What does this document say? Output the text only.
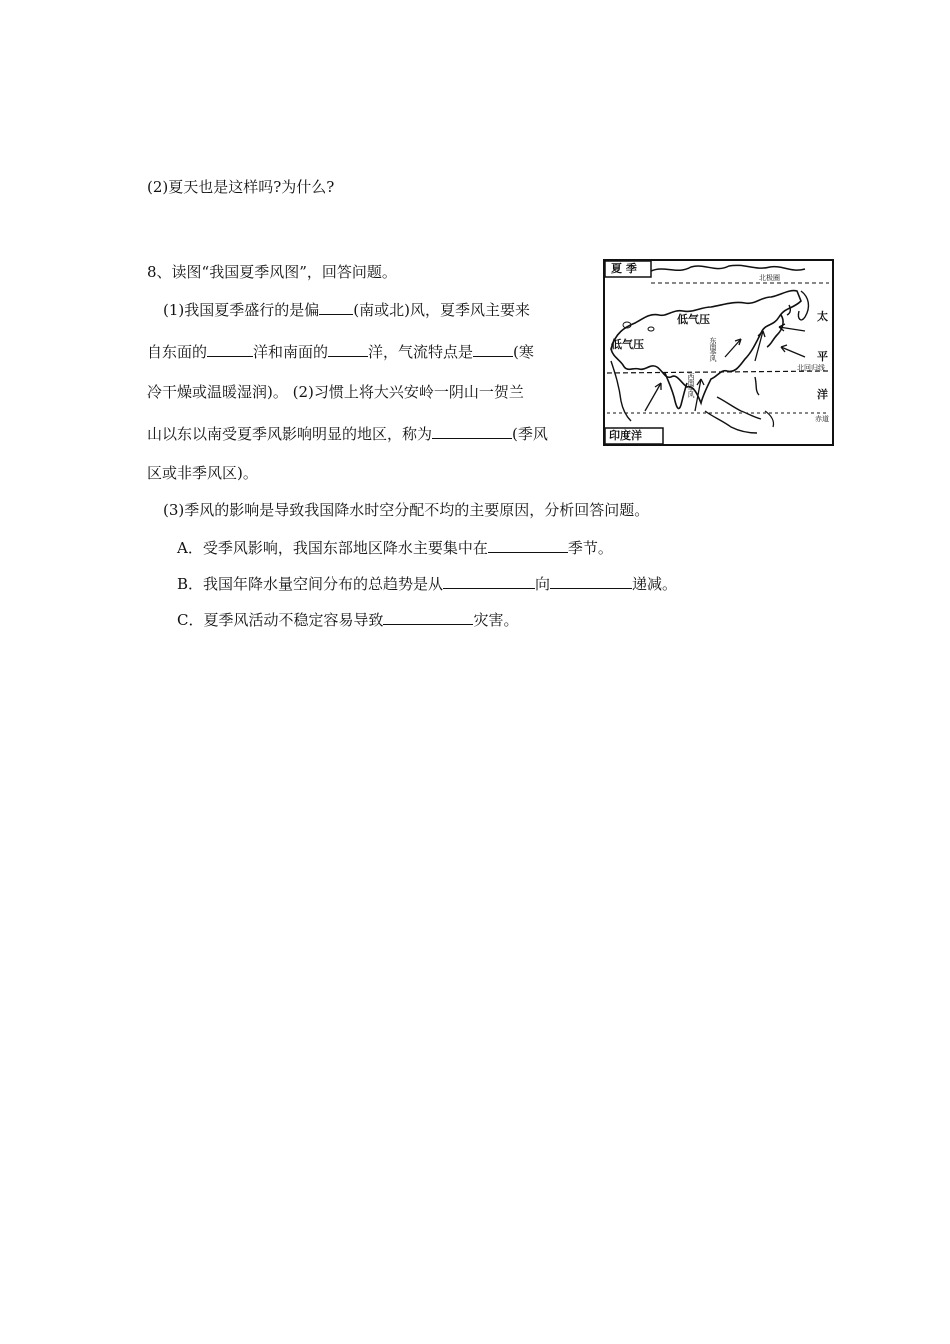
(2)夏天也是这样吗?为什么?
8、读图“我国夏季风图”，回答问题。
(1)我国夏季盛行的是偏 (南或北)风，夏季风主要来
自东面的	洋和南面的	洋，气流特点是	(寒
冷干燥或温暖湿润)。 (2)习惯上将大兴安岭一阴山一贺兰
山以东以南受夏季风影响明显的地区，称为	(季风
区或非季风区)。
(3)季风的影响是导致我国降水时空分配不均的主要原因，分析回答问题。
A．受季风影响，我国东部地区降水主要集中在	季节。
B．我国年降水量空间分布的总趋势是从	向	递减。
C．夏季风活动不稳定容易导致	灾害。
夏 季
北极圈
低气压
低气压
太
平
北回归线
洋
赤道
印度洋
西南季风
东南季风
